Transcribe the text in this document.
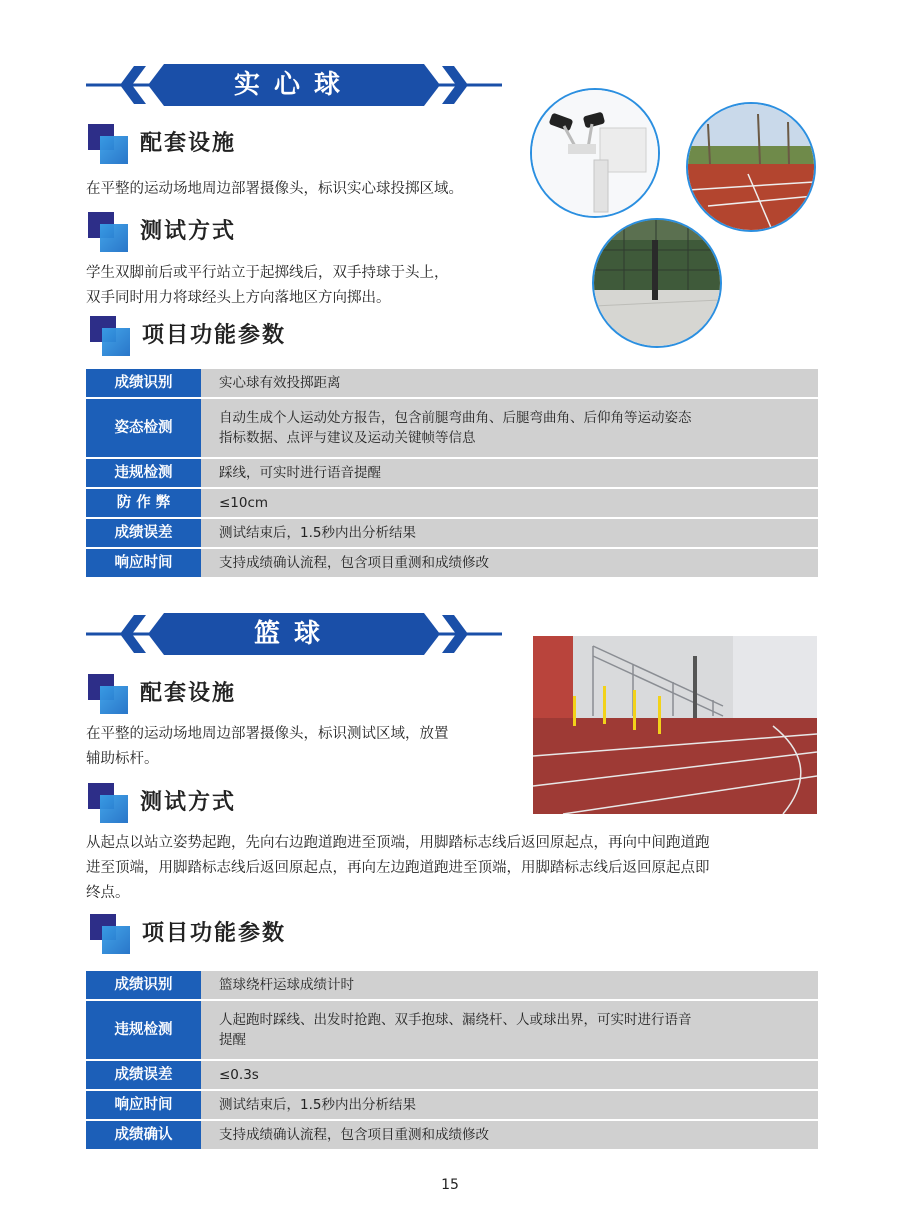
实心球
配套设施
在平整的运动场地周边部署摄像头，标识实心球投掷区域。
测试方式
学生双脚前后或平行站立于起掷线后，双手持球于头上，
双手同时用力将球经头上方向落地区方向掷出。
项目功能参数
成绩识别	实心球有效投掷距离

姿态检测	自动生成个人运动处方报告，包含前腿弯曲角、后腿弯曲角、后仰角等运动姿态
指标数据、点评与建议及运动关键帧等信息

违规检测	踩线，可实时进行语音提醒

防 作 弊	≤10cm

成绩误差	测试结束后，1.5秒内出分析结果

响应时间	支持成绩确认流程，包含项目重测和成绩修改
篮球
配套设施
在平整的运动场地周边部署摄像头，标识测试区域，放置
辅助标杆。
测试方式
从起点以站立姿势起跑，先向右边跑道跑进至顶端，用脚踏标志线后返回原起点，再向中间跑道跑
进至顶端，用脚踏标志线后返回原起点，再向左边跑道跑进至顶端，用脚踏标志线后返回原起点即
终点。
项目功能参数
成绩识别	篮球绕杆运球成绩计时

违规检测	人起跑时踩线、出发时抢跑、双手抱球、漏绕杆、人或球出界，可实时进行语音
提醒

成绩误差	≤0.3s

响应时间	测试结束后，1.5秒内出分析结果

成绩确认	支持成绩确认流程，包含项目重测和成绩修改
15
